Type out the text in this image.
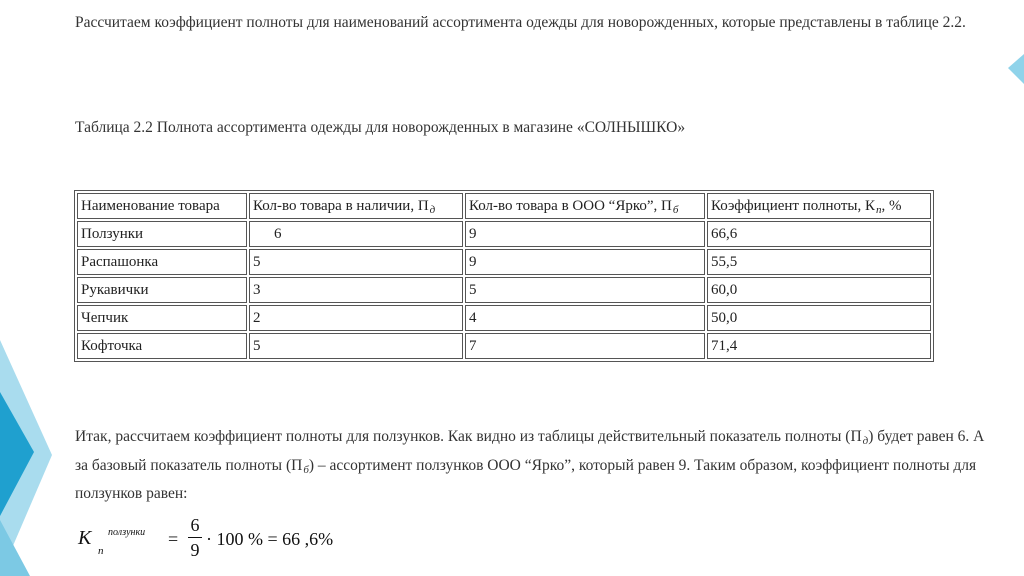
Рассчитаем коэффициент полноты для наименований ассортимента одежды для новорожденных, которые представлены в таблице 2.2.
Таблица 2.2 Полнота ассортимента одежды для новорожденных в магазине «СОЛНЫШКО»
Наименование товара	Кол-во товара в наличии, $П_д$	Кол-во товара в ООО “Ярко”, $П_б$	Коэффициент полноты, $К_п$, %
Ползунки	6	9	66,6
Распашонка	5	9	55,5
Рукавички	3	5	60,0
Чепчик	2	4	50,0
Кофточка	5	7	71,4
Итак, рассчитаем коэффициент полноты для ползунков. Как видно из таблицы действительный показатель полноты $(П_д)$ будет равен 6. А за базовый показатель полноты $(П_б)$ – ассортимент ползунков ООО “Ярко”, который равен 9. Таким образом, коэффициент полноты для ползунков равен:
К
п
ползунки =
6
9
· 100 % = 66 ,6%
